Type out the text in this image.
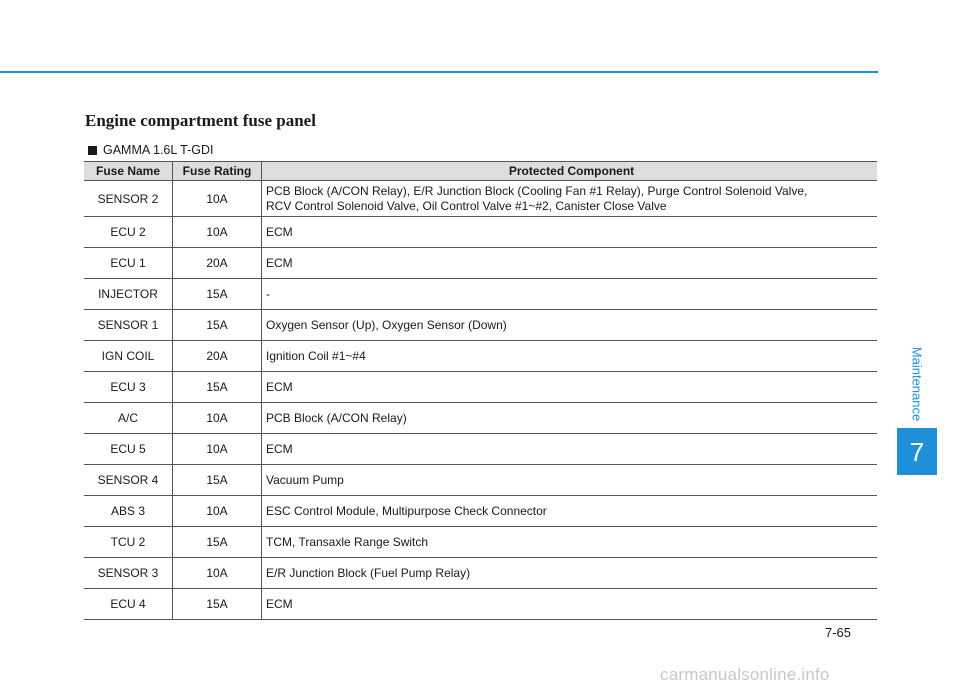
Engine compartment fuse panel
GAMMA 1.6L T-GDI
Fuse Name	Fuse Rating	Protected Component
SENSOR 2	10A	PCB Block (A/CON Relay), E/R Junction Block (Cooling Fan #1 Relay), Purge Control Solenoid Valve,
RCV Control Solenoid Valve, Oil Control Valve #1~#2, Canister Close Valve

ECU 2	10A	ECM

ECU 1	20A	ECM

INJECTOR	15A	-

SENSOR 1	15A	Oxygen Sensor (Up), Oxygen Sensor (Down)

IGN COIL	20A	Ignition Coil #1~#4

ECU 3	15A	ECM

A/C	10A	PCB Block (A/CON Relay)

ECU 5	10A	ECM

SENSOR 4	15A	Vacuum Pump

ABS 3	10A	ESC Control Module, Multipurpose Check Connector

TCU 2	15A	TCM, Transaxle Range Switch

SENSOR 3	10A	E/R Junction Block (Fuel Pump Relay)

ECU 4	15A	ECM
Maintenance
7
7-65
carmanualsonline.info
